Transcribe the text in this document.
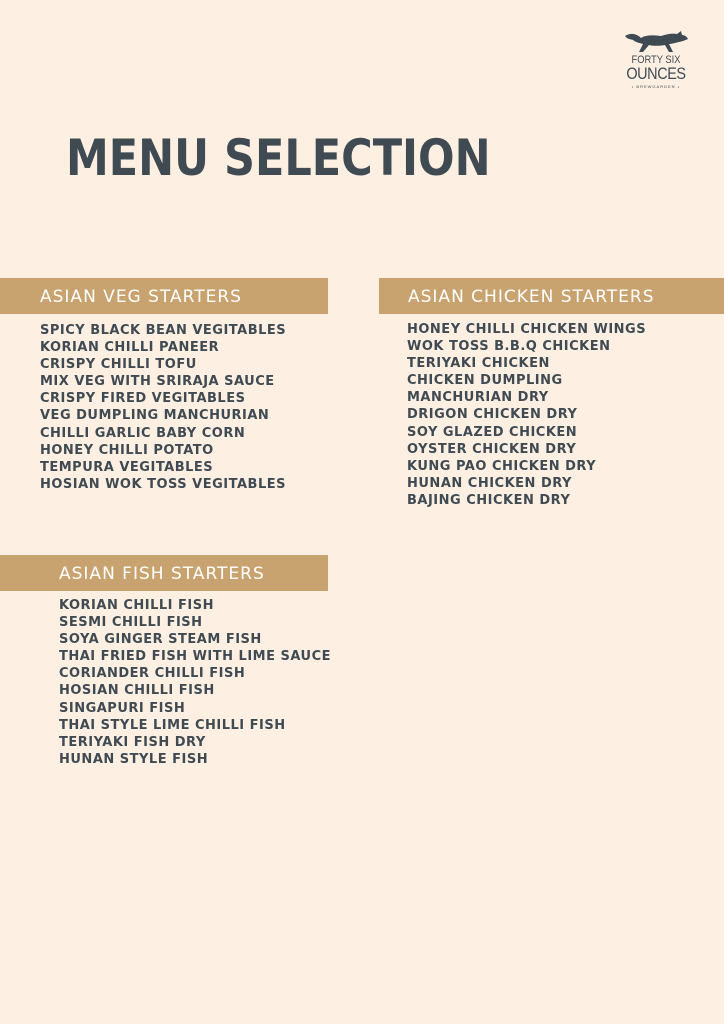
FORTY SIX
OUNCES
• BREWGARDEN •
MENU SELECTION
ASIAN VEG STARTERS
SPICY BLACK BEAN VEGITABLES
KORIAN CHILLI PANEER
CRISPY CHILLI TOFU
MIX VEG WITH SRIRAJA SAUCE
CRISPY FIRED VEGITABLES
VEG DUMPLING MANCHURIAN
CHILLI GARLIC BABY CORN
HONEY CHILLI POTATO
TEMPURA VEGITABLES
HOSIAN WOK TOSS VEGITABLES
ASIAN CHICKEN STARTERS
HONEY CHILLI CHICKEN WINGS
WOK TOSS B.B.Q CHICKEN
TERIYAKI CHICKEN
CHICKEN DUMPLING
MANCHURIAN DRY
DRIGON CHICKEN DRY
SOY GLAZED CHICKEN
OYSTER CHICKEN DRY
KUNG PAO CHICKEN DRY
HUNAN CHICKEN DRY
BAJING CHICKEN DRY
ASIAN FISH STARTERS
KORIAN CHILLI FISH
SESMI CHILLI FISH
SOYA GINGER STEAM FISH
THAI FRIED FISH WITH LIME SAUCE
CORIANDER CHILLI FISH
HOSIAN CHILLI FISH
SINGAPURI FISH
THAI STYLE LIME CHILLI FISH
TERIYAKI FISH DRY
HUNAN STYLE FISH
